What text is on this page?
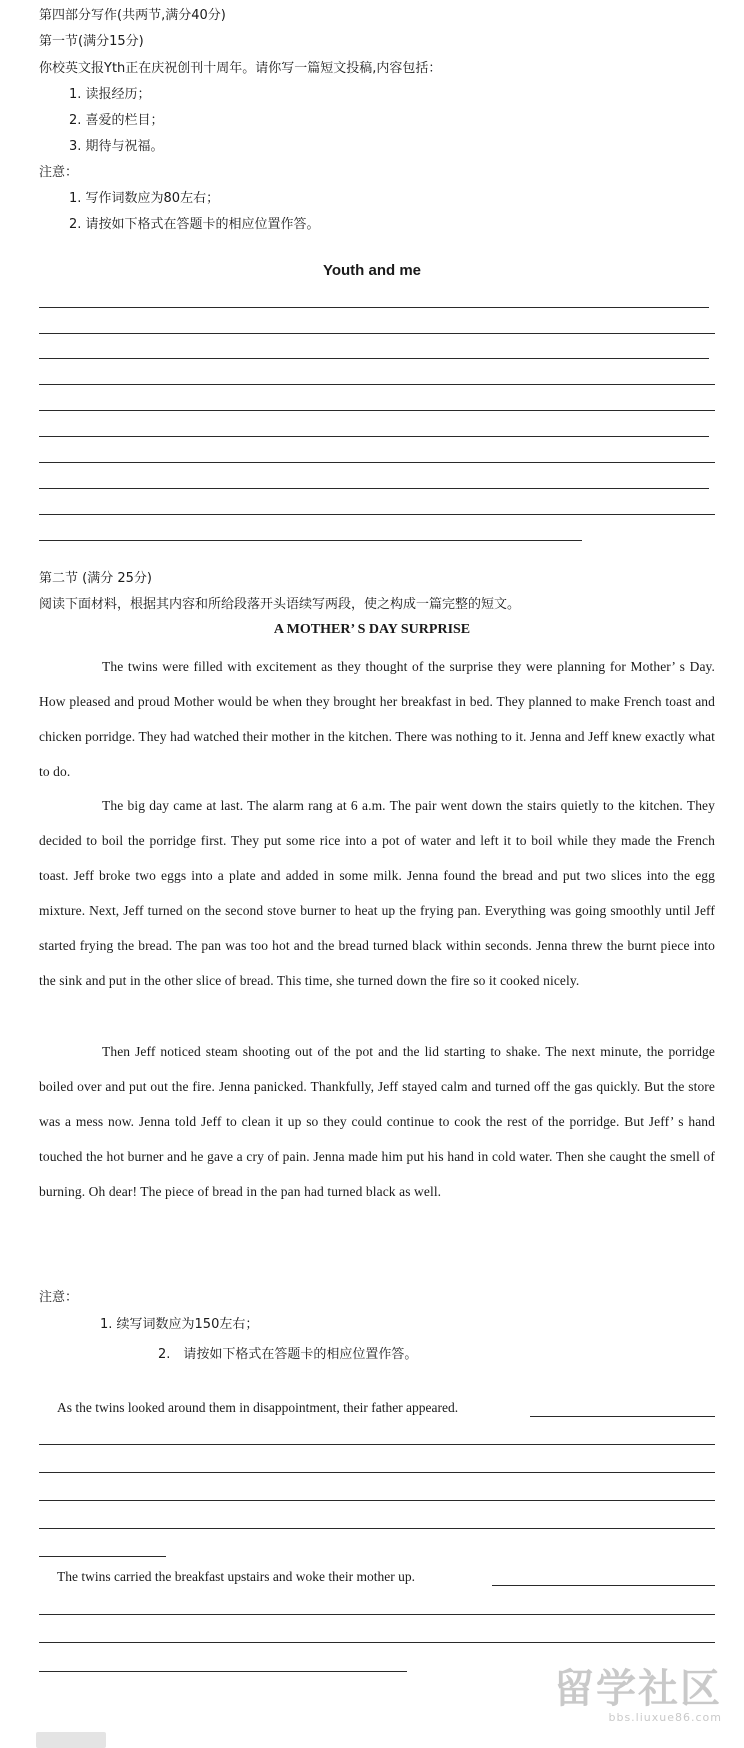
第四部分写作(共两节,满分40分)
第一节(满分15分)
你校英文报Yth正在庆祝创刊十周年。请你写一篇短文投稿,内容包括：
1. 读报经历；
2. 喜爱的栏目；
3. 期待与祝福。
注意：
1. 写作词数应为80左右；
2. 请按如下格式在答题卡的相应位置作答。
Youth and me
第二节 (满分 25分)
阅读下面材料，根据其内容和所给段落开头语续写两段，使之构成一篇完整的短文。
A MOTHER’ S DAY SURPRISE

The twins were filled with excitement as they thought of the surprise they were planning for Mother’ s Day. How pleased and proud Mother would be when they brought her breakfast in bed. They planned to make French toast and chicken porridge. They had watched their mother in the kitchen. There was nothing to it. Jenna and Jeff knew exactly what to do.

The big day came at last. The alarm rang at 6 a.m. The pair went down the stairs quietly to the kitchen. They decided to boil the porridge first. They put some rice into a pot of water and left it to boil while they made the French toast. Jeff broke two eggs into a plate and added in some milk. Jenna found the bread and put two slices into the egg mixture. Next, Jeff turned on the second stove burner to heat up the frying pan. Everything was going smoothly until Jeff started frying the bread. The pan was too hot and the bread turned black within seconds. Jenna threw the burnt piece into the sink and put in the other slice of bread. This time, she turned down the fire so it cooked nicely.

Then Jeff noticed steam shooting out of the pot and the lid starting to shake. The next minute, the porridge boiled over and put out the fire. Jenna panicked. Thankfully, Jeff stayed calm and turned off the gas quickly. But the store was a mess now. Jenna told Jeff to clean it up so they could continue to cook the rest of the porridge. But Jeff’ s hand touched the hot burner and he gave a cry of pain. Jenna made him put his hand in cold water. Then she caught the smell of burning. Oh dear! The piece of bread in the pan had turned black as well.

注意：
1. 续写词数应为150左右；
2.　请按如下格式在答题卡的相应位置作答。
As the twins looked around them in disappointment, their father appeared.
The twins carried the breakfast upstairs and woke their mother up.
留学社区
bbs.liuxue86.com
